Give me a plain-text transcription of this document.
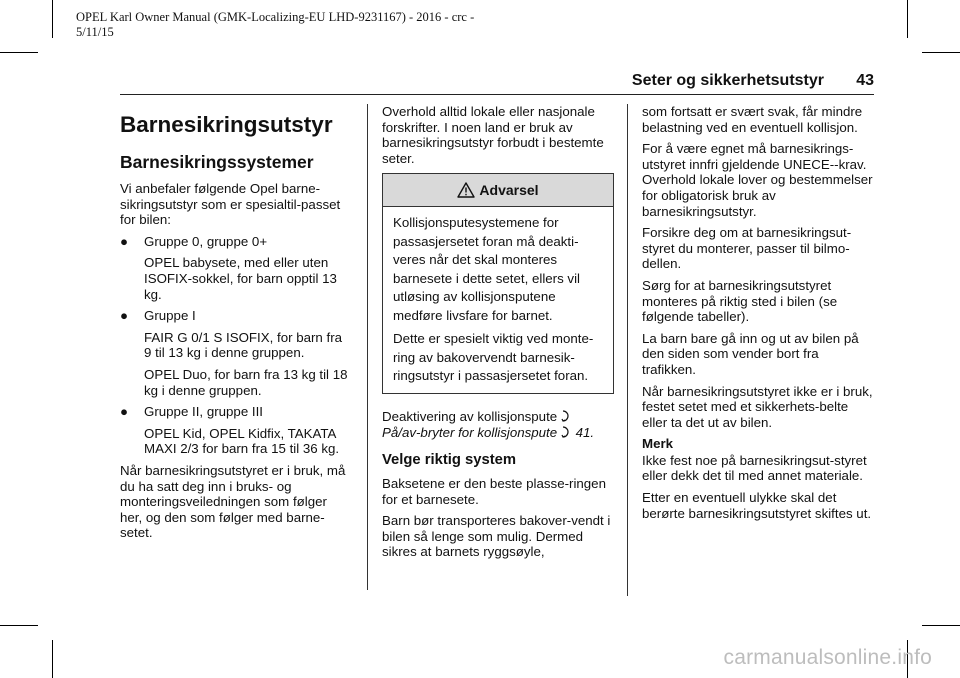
OPEL Karl Owner Manual (GMK-Localizing-EU LHD-9231167) - 2016 - crc -
5/11/15
Seter og sikkerhetsutstyr 43
Barnesikringsutstyr
Barnesikringssystemer

Vi anbefaler følgende Opel barne-sikringsutstyr som er spesialtil-passet for bilen:

● Gruppe 0, gruppe 0+

OPEL babysete, med eller uten ISOFIX-sokkel, for barn opptil 13 kg.

● Gruppe I

FAIR G 0/1 S ISOFIX, for barn fra 9 til 13 kg i denne gruppen.

OPEL Duo, for barn fra 13 kg til 18 kg i denne gruppen.

● Gruppe II, gruppe III

OPEL Kid, OPEL Kidfix, TAKATA MAXI 2/3 for barn fra 15 til 36 kg.

Når barnesikringsutstyret er i bruk, må du ha satt deg inn i bruks- og monteringsveiledningen som følger her, og den som følger med barne-setet.

Overhold alltid lokale eller nasjonale forskrifter. I noen land er bruk av barnesikringsutstyr forbudt i bestemte seter.

Advarsel

Kollisjonsputesystemene for passasjersetet foran må deakti-veres når det skal monteres barnesete i dette setet, ellers vil utløsing av kollisjonsputene medføre livsfare for barnet.

Dette er spesielt viktig ved monte-ring av bakovervendt barnesik-ringsutstyr i passasjersetet foran.

Deaktivering av kollisjonspute

På/av-bryter for kollisjonspute 41.

Velge riktig system

Baksetene er den beste plasse-ringen for et barnesete.

Barn bør transporteres bakover-vendt i bilen så lenge som mulig. Dermed sikres at barnets ryggsøyle,

som fortsatt er svært svak, får mindre belastning ved en eventuell kollisjon.

For å være egnet må barnesikrings-utstyret innfri gjeldende UNECE--krav. Overhold lokale lover og bestemmelser for obligatorisk bruk av barnesikringsutstyr.

Forsikre deg om at barnesikringsut-styret du monterer, passer til bilmo-dellen.

Sørg for at barnesikringsutstyret monteres på riktig sted i bilen (se følgende tabeller).

La barn bare gå inn og ut av bilen på den siden som vender bort fra trafikken.

Når barnesikringsutstyret ikke er i bruk, festet setet med et sikkerhets-belte eller ta det ut av bilen.

Merk

Ikke fest noe på barnesikringsut-styret eller dekk det til med annet materiale.

Etter en eventuell ulykke skal det berørte barnesikringsutstyret skiftes ut.

carmanualsonline.info
